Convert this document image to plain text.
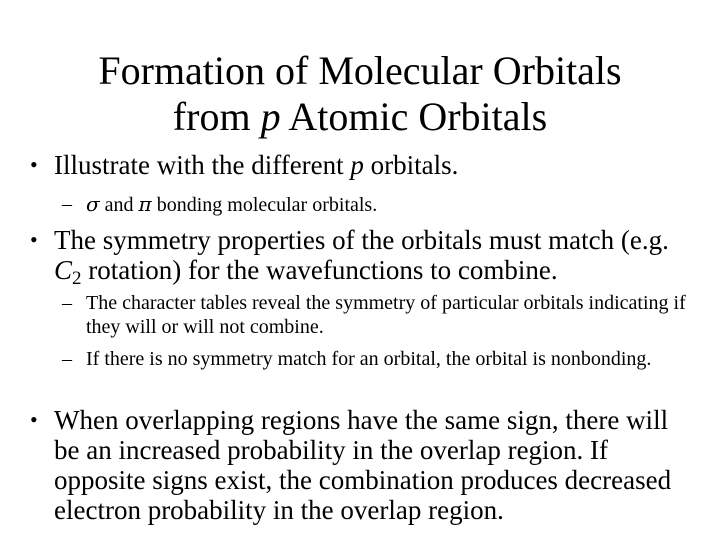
Formation of Molecular Orbitals
from p Atomic Orbitals
• Illustrate with the different p orbitals.
– σ and π bonding molecular orbitals.
• The symmetry properties of the orbitals must match (e.g.
$C_2$ rotation) for the wavefunctions to combine.
– The character tables reveal the symmetry of particular orbitals indicating if they will or will not combine.
– If there is no symmetry match for an orbital, the orbital is nonbonding.
• When overlapping regions have the same sign, there will be an increased probability in the overlap region. If opposite signs exist, the combination produces decreased electron probability in the overlap region.
